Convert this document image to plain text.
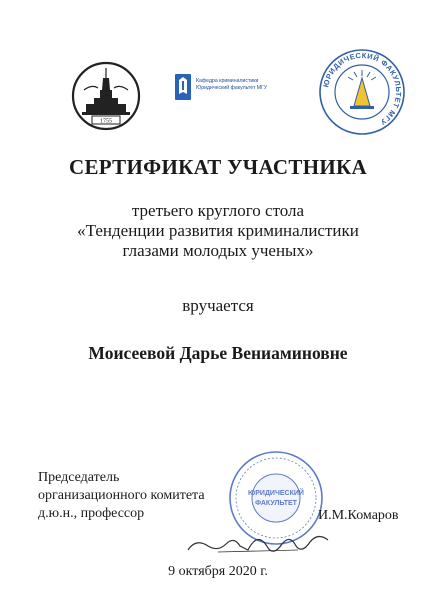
1755
Кафедра криминалистики
Юридический факультет МГУ	ЮРИДИЧЕСКИЙ ФАКУЛЬТЕТ МГУ
СЕРТИФИКАТ УЧАСТНИКА
третьего круглого стола
«Тенденции развития криминалистики
глазами молодых ученых»
вручается
Моисеевой Дарье Вениаминовне
Председатель
организационного комитета
д.ю.н., профессор
ЮРИДИЧЕСКИЙ
ФАКУЛЬТЕТ
И.М.Комаров
9 октября 2020 г.
